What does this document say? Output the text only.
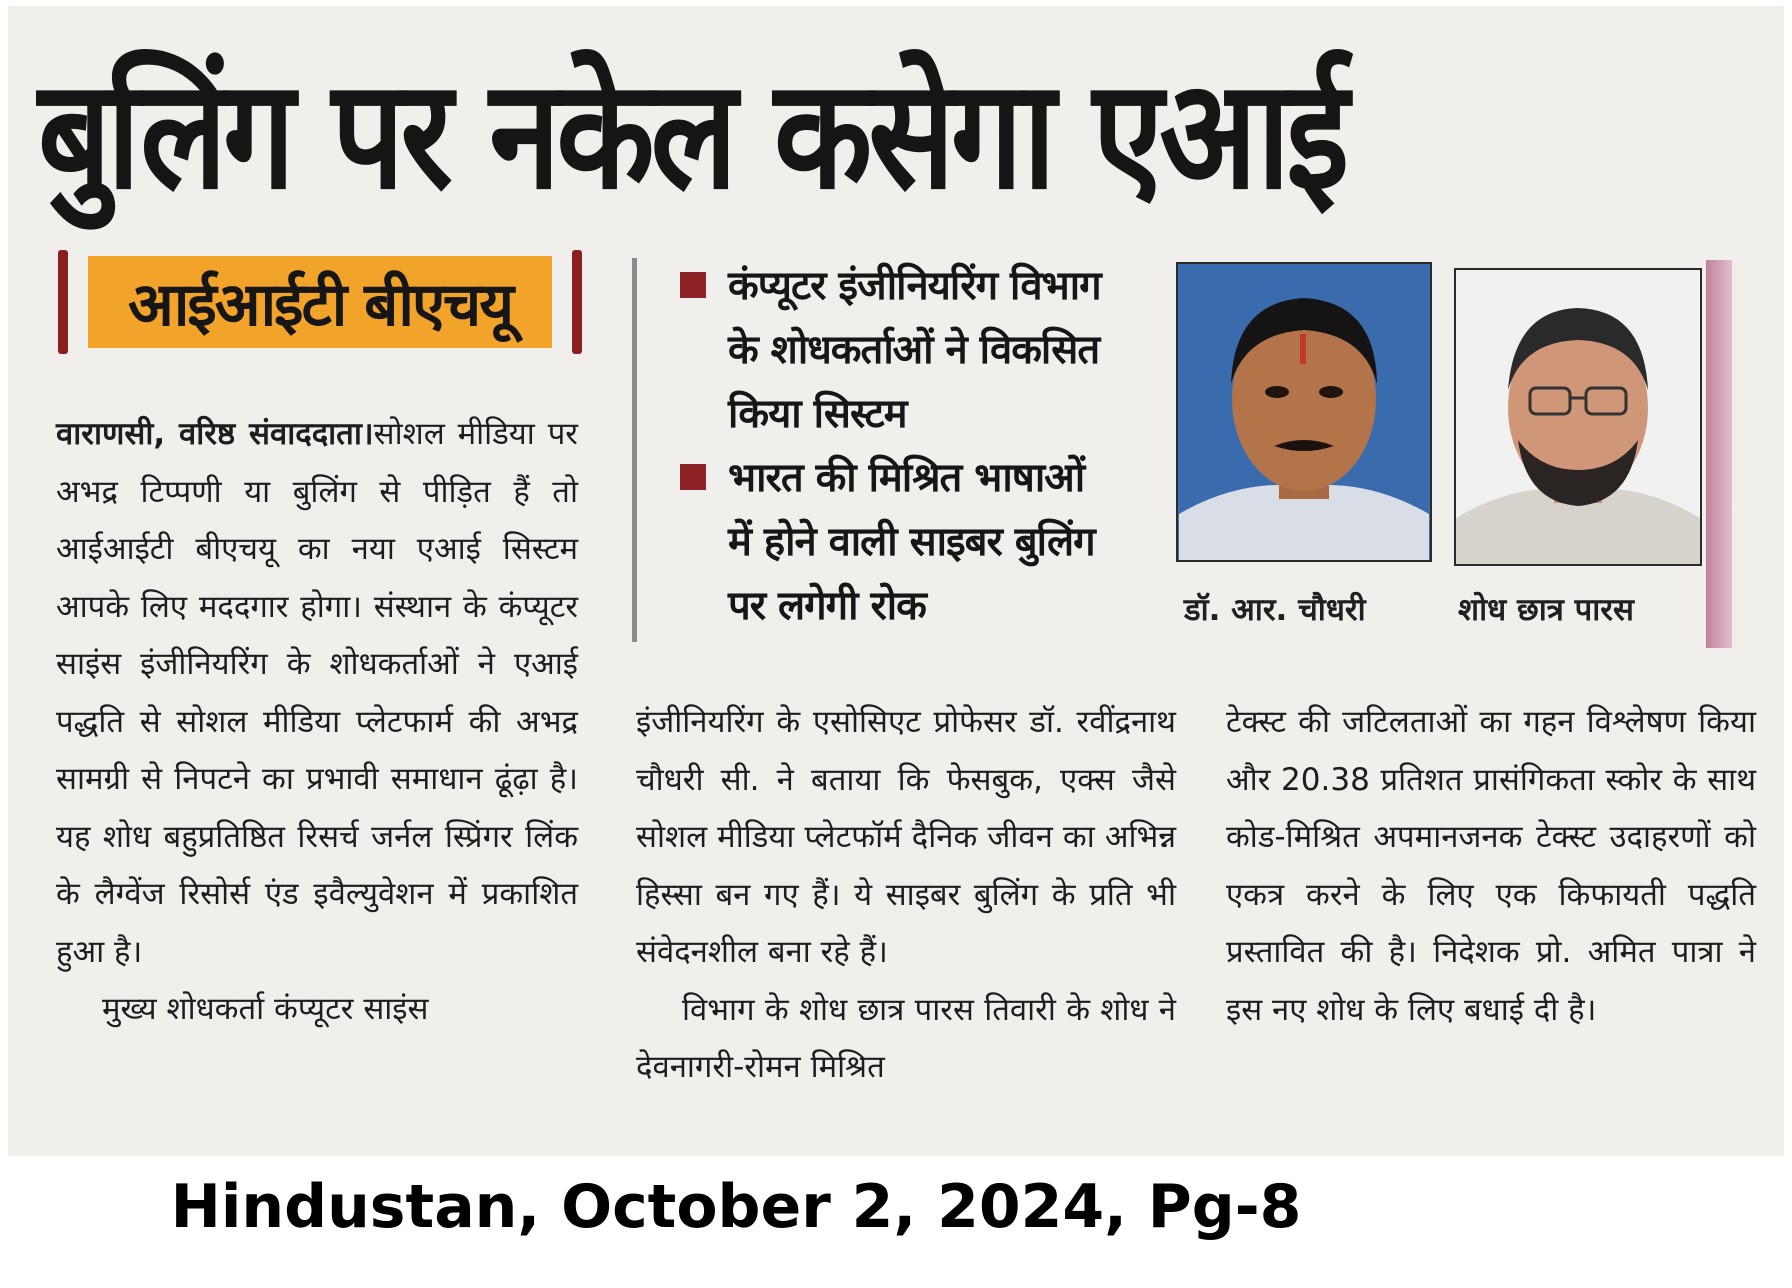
बुलिंग पर नकेल कसेगा एआई
आईआईटी बीएचयू

वाराणसी, वरिष्ठ संवाददाता।सोशल मीडिया पर अभद्र टिप्पणी या बुलिंग से पीड़ित हैं तो आईआईटी बीएचयू का नया एआई सिस्टम आपके लिए मददगार होगा। संस्थान के कंप्यूटर साइंस इंजीनियरिंग के शोधकर्ताओं ने एआई पद्धति से सोशल मीडिया प्लेटफार्म की अभद्र सामग्री से निपटने का प्रभावी समाधान ढूंढ़ा है। यह शोध बहुप्रतिष्ठित रिसर्च जर्नल स्प्रिंगर लिंक के लैग्वेंज रिसोर्स एंड इवैल्युवेशन में प्रकाशित हुआ है।

मुख्य शोधकर्ता कंप्यूटर साइंस

कंप्यूटर इंजीनियरिंग विभाग के शोधकर्ताओं ने विकसित किया सिस्टम
भारत की मिश्रित भाषाओं में होने वाली साइबर बुलिंग पर लगेगी रोक	डॉ. आर. चौधरी	शोध छात्र पारस

इंजीनियरिंग के एसोसिएट प्रोफेसर डॉ. रवींद्रनाथ चौधरी सी. ने बताया कि फेसबुक, एक्स जैसे सोशल मीडिया प्लेटफॉर्म दैनिक जीवन का अभिन्न हिस्सा बन गए हैं। ये साइबर बुलिंग के प्रति भी संवेदनशील बना रहे हैं।

विभाग के शोध छात्र पारस तिवारी के शोध ने देवनागरी-रोमन मिश्रित

टेक्स्ट की जटिलताओं का गहन विश्लेषण किया और 20.38 प्रतिशत प्रासंगिकता स्कोर के साथ कोड-मिश्रित अपमानजनक टेक्स्ट उदाहरणों को एकत्र करने के लिए एक किफायती पद्धति प्रस्तावित की है। निदेशक प्रो. अमित पात्रा ने इस नए शोध के लिए बधाई दी है।

Hindustan, October 2, 2024, Pg-8
